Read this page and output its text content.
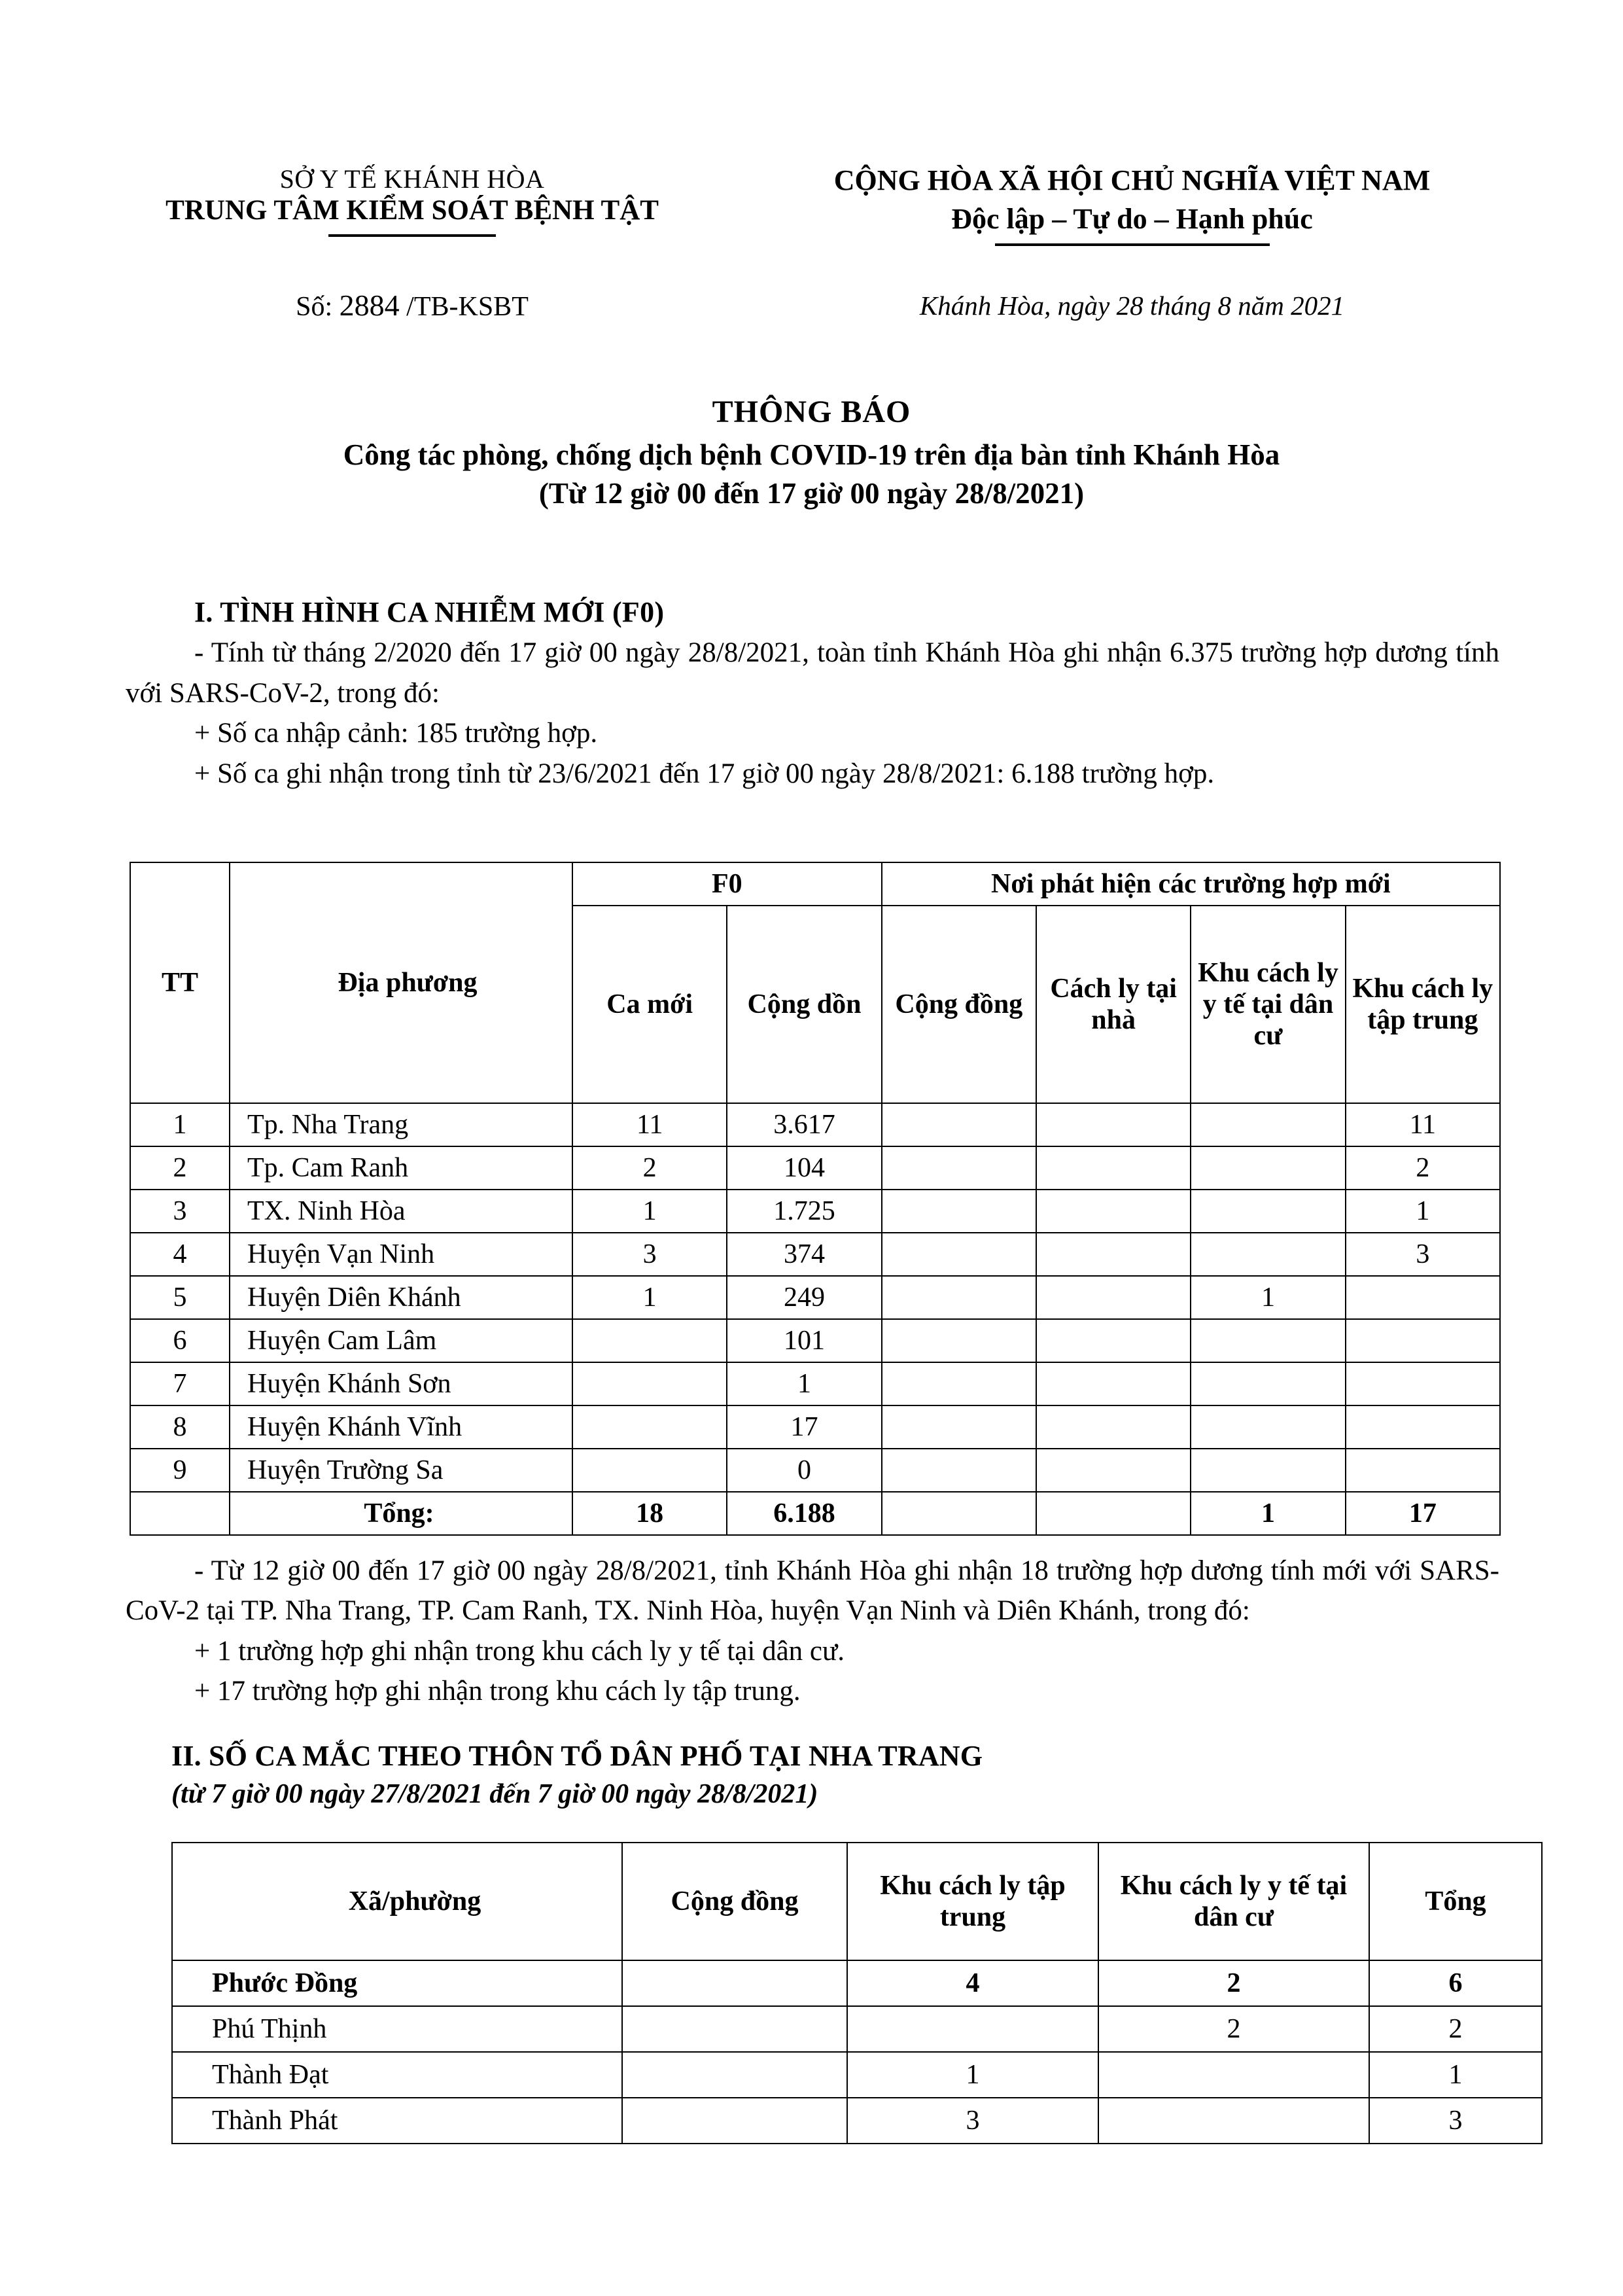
SỞ Y TẾ KHÁNH HÒA
TRUNG TÂM KIỂM SOÁT BỆNH TẬT
CỘNG HÒA XÃ HỘI CHỦ NGHĨA VIỆT NAM
Độc lập – Tự do – Hạnh phúc
Số: 2884 /TB-KSBT	Khánh Hòa, ngày 28 tháng 8 năm 2021
THÔNG BÁO
Công tác phòng, chống dịch bệnh COVID-19 trên địa bàn tỉnh Khánh Hòa
(Từ 12 giờ 00 đến 17 giờ 00 ngày 28/8/2021)
I. TÌNH HÌNH CA NHIỄM MỚI (F0)

- Tính từ tháng 2/2020 đến 17 giờ 00 ngày 28/8/2021, toàn tỉnh Khánh Hòa ghi nhận 6.375 trường hợp dương tính với SARS-CoV-2, trong đó:

+ Số ca nhập cảnh: 185 trường hợp.

+ Số ca ghi nhận trong tỉnh từ 23/6/2021 đến 17 giờ 00 ngày 28/8/2021: 6.188 trường hợp.

TT	Địa phương	F0		Nơi phát hiện các trường hợp mới			
		Ca mới	Cộng dồn	Cộng đồng	Cách ly tại nhà	Khu cách ly y tế tại dân cư	Khu cách ly tập trung
1	Tp. Nha Trang	11	3.617				11
2	Tp. Cam Ranh	2	104				2
3	TX. Ninh Hòa	1	1.725				1
4	Huyện Vạn Ninh	3	374				3
5	Huyện Diên Khánh	1	249			1	
6	Huyện Cam Lâm		101				
7	Huyện Khánh Sơn		1				
8	Huyện Khánh Vĩnh		17				
9	Huyện Trường Sa		0				
	Tổng:	18	6.188			1	17

- Từ 12 giờ 00 đến 17 giờ 00 ngày 28/8/2021, tỉnh Khánh Hòa ghi nhận 18 trường hợp dương tính mới với SARS-CoV-2 tại TP. Nha Trang, TP. Cam Ranh, TX. Ninh Hòa, huyện Vạn Ninh và Diên Khánh, trong đó:

+ 1 trường hợp ghi nhận trong khu cách ly y tế tại dân cư.

+ 17 trường hợp ghi nhận trong khu cách ly tập trung.

II. SỐ CA MẮC THEO THÔN TỔ DÂN PHỐ TẠI NHA TRANG
(từ 7 giờ 00 ngày 27/8/2021 đến 7 giờ 00 ngày 28/8/2021)
Xã/phường	Cộng đồng	Khu cách ly tập trung	Khu cách ly y tế tại dân cư	Tổng
Phước Đồng		4	2	6
Phú Thịnh			2	2
Thành Đạt		1		1
Thành Phát		3		3
